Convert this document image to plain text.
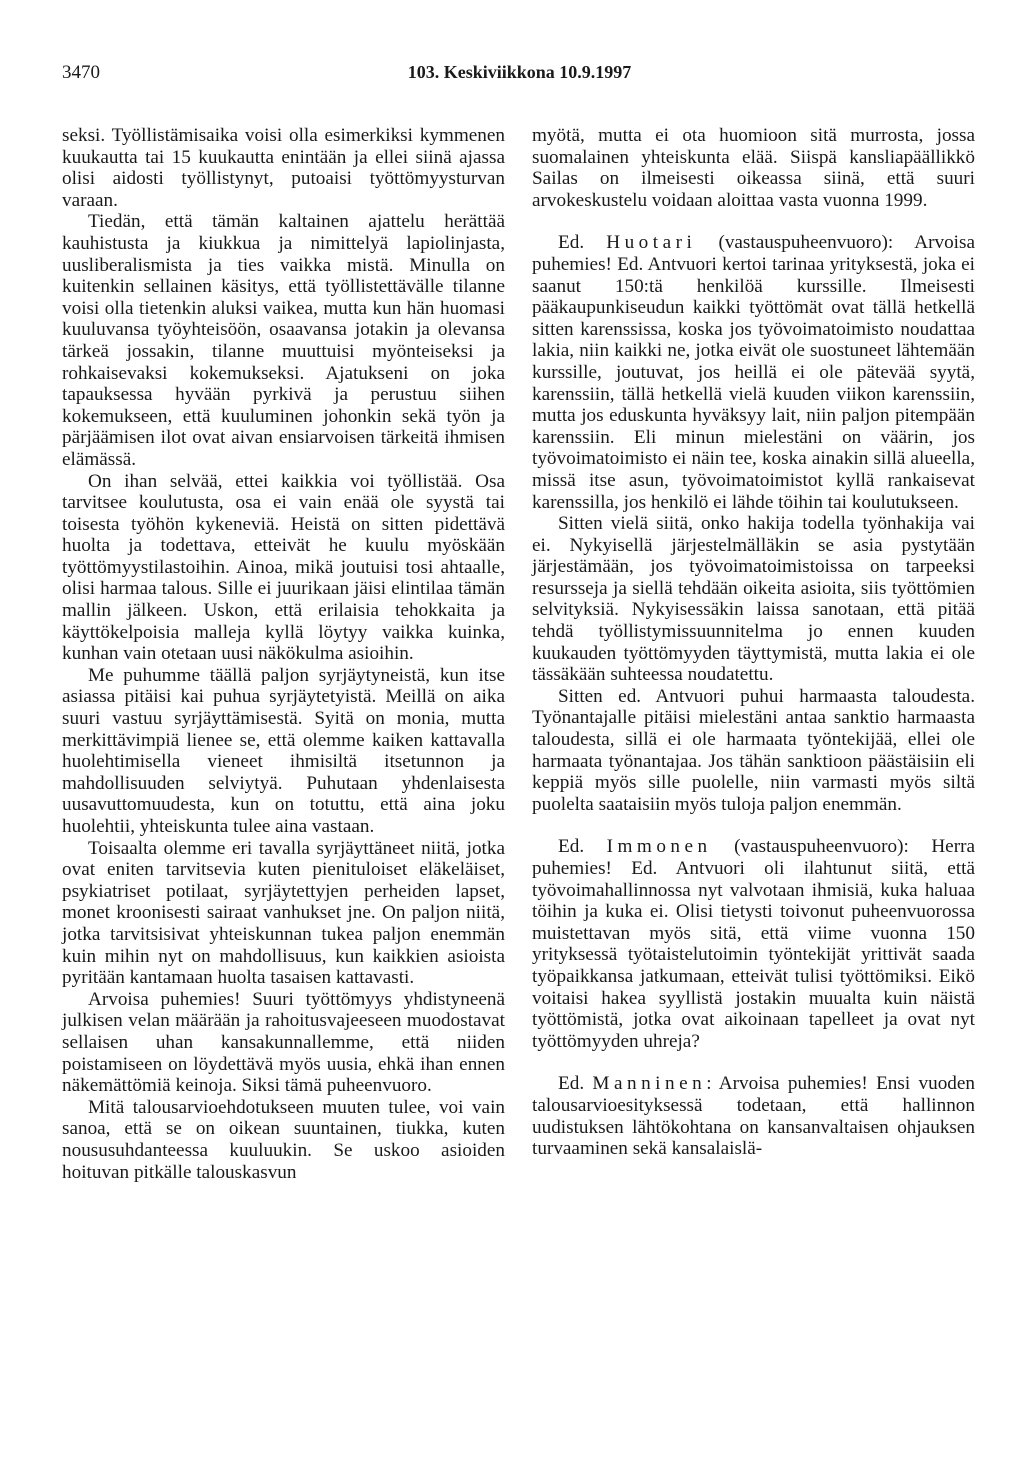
3470	103. Keskiviikkona 10.9.1997

seksi. Työllistämisaika voisi olla esimerkiksi kymmenen kuukautta tai 15 kuukautta enintään ja ellei siinä ajassa olisi aidosti työllistynyt, putoaisi työttömyysturvan varaan.

Tiedän, että tämän kaltainen ajattelu herättää kauhistusta ja kiukkua ja nimittelyä lapiolinjasta, uusliberalismista ja ties vaikka mistä. Minulla on kuitenkin sellainen käsitys, että työllistettävälle tilanne voisi olla tietenkin aluksi vaikea, mutta kun hän huomasi kuuluvansa työyhteisöön, osaavansa jotakin ja olevansa tärkeä jossakin, tilanne muuttuisi myönteiseksi ja rohkaisevaksi kokemukseksi. Ajatukseni on joka tapauksessa hyvään pyrkivä ja perustuu siihen kokemukseen, että kuuluminen johonkin sekä työn ja pärjäämisen ilot ovat aivan ensiarvoisen tärkeitä ihmisen elämässä.

On ihan selvää, ettei kaikkia voi työllistää. Osa tarvitsee koulutusta, osa ei vain enää ole syystä tai toisesta työhön kykeneviä. Heistä on sitten pidettävä huolta ja todettava, etteivät he kuulu myöskään työttömyystilastoihin. Ainoa, mikä joutuisi tosi ahtaalle, olisi harmaa talous. Sille ei juurikaan jäisi elintilaa tämän mallin jälkeen. Uskon, että erilaisia tehokkaita ja käyttökelpoisia malleja kyllä löytyy vaikka kuinka, kunhan vain otetaan uusi näkökulma asioihin.

Me puhumme täällä paljon syrjäytyneistä, kun itse asiassa pitäisi kai puhua syrjäytetyistä. Meillä on aika suuri vastuu syrjäyttämisestä. Syitä on monia, mutta merkittävimpiä lienee se, että olemme kaiken kattavalla huolehtimisella vieneet ihmisiltä itsetunnon ja mahdollisuuden selviytyä. Puhutaan yhdenlaisesta uusavuttomuudesta, kun on totuttu, että aina joku huolehtii, yhteiskunta tulee aina vastaan.

Toisaalta olemme eri tavalla syrjäyttäneet niitä, jotka ovat eniten tarvitsevia kuten pienituloiset eläkeläiset, psykiatriset potilaat, syrjäytettyjen perheiden lapset, monet kroonisesti sairaat vanhukset jne. On paljon niitä, jotka tarvitsisivat yhteiskunnan tukea paljon enemmän kuin mihin nyt on mahdollisuus, kun kaikkien asioista pyritään kantamaan huolta tasaisen kattavasti.

Arvoisa puhemies! Suuri työttömyys yhdistyneenä julkisen velan määrään ja rahoitusvajeeseen muodostavat sellaisen uhan kansakunnallemme, että niiden poistamiseen on löydettävä myös uusia, ehkä ihan ennen näkemättömiä keinoja. Siksi tämä puheenvuoro.

Mitä talousarvioehdotukseen muuten tulee, voi vain sanoa, että se on oikean suuntainen, tiukka, kuten noususuhdanteessa kuuluukin. Se uskoo asioiden hoituvan pitkälle talouskasvun

myötä, mutta ei ota huomioon sitä murrosta, jossa suomalainen yhteiskunta elää. Siispä kansliapäällikkö Sailas on ilmeisesti oikeassa siinä, että suuri arvokeskustelu voidaan aloittaa vasta vuonna 1999.

Ed. Huotari (vastauspuheenvuoro): Arvoisa puhemies! Ed. Antvuori kertoi tarinaa yrityksestä, joka ei saanut 150:tä henkilöä kurssille. Ilmeisesti pääkaupunkiseudun kaikki työttömät ovat tällä hetkellä sitten karenssissa, koska jos työvoimatoimisto noudattaa lakia, niin kaikki ne, jotka eivät ole suostuneet lähtemään kurssille, joutuvat, jos heillä ei ole pätevää syytä, karenssiin, tällä hetkellä vielä kuuden viikon karenssiin, mutta jos eduskunta hyväksyy lait, niin paljon pitempään karenssiin. Eli minun mielestäni on väärin, jos työvoimatoimisto ei näin tee, koska ainakin sillä alueella, missä itse asun, työvoimatoimistot kyllä rankaisevat karenssilla, jos henkilö ei lähde töihin tai koulutukseen.

Sitten vielä siitä, onko hakija todella työnhakija vai ei. Nykyisellä järjestelmälläkin se asia pystytään järjestämään, jos työvoimatoimistoissa on tarpeeksi resursseja ja siellä tehdään oikeita asioita, siis työttömien selvityksiä. Nykyisessäkin laissa sanotaan, että pitää tehdä työllistymissuunnitelma jo ennen kuuden kuukauden työttömyyden täyttymistä, mutta lakia ei ole tässäkään suhteessa noudatettu.

Sitten ed. Antvuori puhui harmaasta taloudesta. Työnantajalle pitäisi mielestäni antaa sanktio harmaasta taloudesta, sillä ei ole harmaata työntekijää, ellei ole harmaata työnantajaa. Jos tähän sanktioon päästäisiin eli keppiä myös sille puolelle, niin varmasti myös siltä puolelta saataisiin myös tuloja paljon enemmän.

Ed. Immonen (vastauspuheenvuoro): Herra puhemies! Ed. Antvuori oli ilahtunut siitä, että työvoimahallinnossa nyt valvotaan ihmisiä, kuka haluaa töihin ja kuka ei. Olisi tietysti toivonut puheenvuorossa muistettavan myös sitä, että viime vuonna 150 yrityksessä työtaistelutoimin työntekijät yrittivät saada työpaikkansa jatkumaan, etteivät tulisi työttömiksi. Eikö voitaisi hakea syyllistä jostakin muualta kuin näistä työttömistä, jotka ovat aikoinaan tapelleet ja ovat nyt työttömyyden uhreja?

Ed. Manninen: Arvoisa puhemies! Ensi vuoden talousarvioesityksessä todetaan, että hallinnon uudistuksen lähtökohtana on kansanvaltaisen ohjauksen turvaaminen sekä kansalaislä-
